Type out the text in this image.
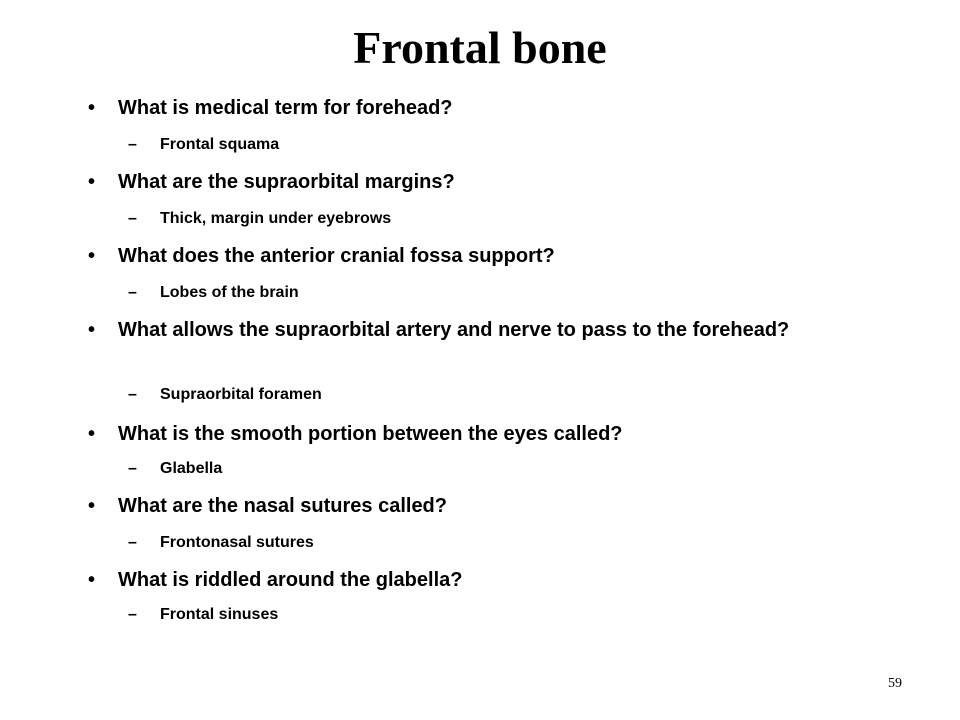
Frontal bone
• What is medical term for forehead?
– Frontal squama
• What are the supraorbital margins?
– Thick, margin under eyebrows
• What does the anterior cranial fossa support?
– Lobes of the brain
• What allows the supraorbital artery and nerve to pass to the forehead?
– Supraorbital foramen
• What is the smooth portion between the eyes called?
– Glabella
• What are the nasal sutures called?
– Frontonasal sutures
• What is riddled around the glabella?
– Frontal sinuses
59
